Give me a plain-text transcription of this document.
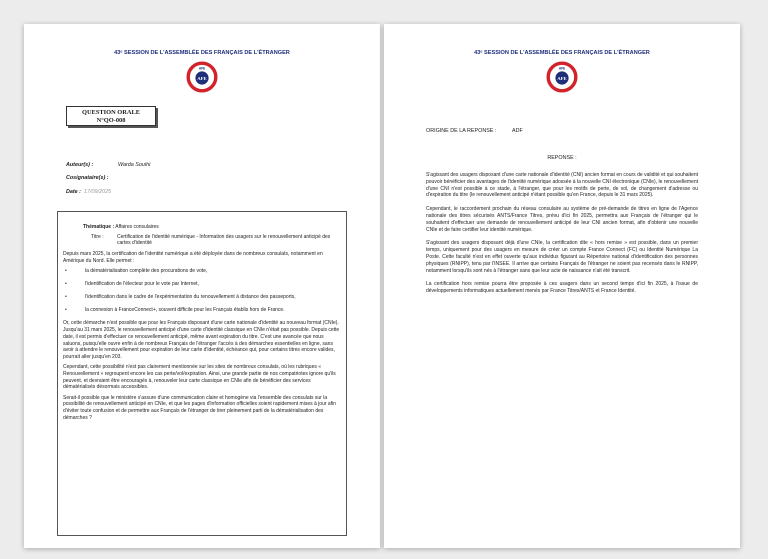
43ᵉ SESSION DE L'ASSEMBLÉE DES FRANÇAIS DE L'ÉTRANGER
AFE
AFE
QUESTION ORALE
N°QO-008
Auteur(s) :	Warda Souihi
Cosignataire(s) :
Date : 17/09/2025
Thématique : Affaires consulaires
Titre :	Certification de l'identité numérique - Information des usagers sur le renouvellement anticipé des cartes d'identité

Depuis mars 2025, la certification de l'identité numérique a été déployée dans de nombreux consulats, notamment en Amérique du Nord. Elle permet :

• la dématérialisation complète des procurations de vote,
• l'identification de l'électeur pour le vote par Internet,
• l'identification dans le cadre de l'expérimentation du renouvellement à distance des passeports,
• la connexion à FranceConnect+, souvent difficile pour les Français établis hors de France.

Or, cette démarche n'est possible que pour les Français disposant d'une carte nationale d'identité au nouveau format (CNIe). Jusqu'au 31 mars 2025, le renouvellement anticipé d'une carte d'identité classique en CNIe n'était pas possible. Depuis cette date, il est permis d'effectuer ce renouvellement anticipé, même avant expiration du titre. C'est une avancée que nous saluons, puisqu'elle ouvre enfin à de nombreux Français de l'étranger l'accès à des démarches essentielles en ligne, sans avoir à attendre le renouvellement pour expiration de leur carte d'identité, échéance qui, pour certains titres encore valides, pourrait aller jusqu'en 203.

Cependant, cette possibilité n'est pas clairement mentionnée sur les sites de nombreux consulats, où les rubriques « Renouvellement » regroupent encore les cas perte/vol/expiration. Ainsi, une grande partie de nos compatriotes ignore qu'ils peuvent, et devraient être encouragés à, renouveler leur carte classique en CNIe afin de bénéficier des services dématérialisés désormais accessibles.

Serait-il possible que le ministère s'assure d'une communication claire et homogène via l'ensemble des consulats sur la possibilité de renouvellement anticipé en CNIe, et que les pages d'information officielles soient rapidement mises à jour afin d'éviter toute confusion et de permettre aux Français de l'étranger de tirer pleinement parti de la dématérialisation des démarches ?

43ᵉ SESSION DE L'ASSEMBLÉE DES FRANÇAIS DE L'ÉTRANGER
AFE
AFE
ORIGINE DE LA REPONSE :	ADF
REPONSE :

S'agissant des usagers disposant d'une carte nationale d'identité (CNI) ancien format en cours de validité et qui souhaitent pouvoir bénéficier des avantages de l'identité numérique adossée à la nouvelle CNI électronique (CNIe), le renouvellement d'une CNI n'est possible à ce stade, à l'étranger, que pour les motifs de perte, de vol, de changement d'adresse ou d'expiration du titre (le renouvellement anticipé n'étant possible qu'en France, depuis le 31 mars 2025).

Cependant, le raccordement prochain du réseau consulaire au système de pré-demande de titres en ligne de l'Agence nationale des titres sécurisés ANTS/France Titres, prévu d'ici fin 2025, permettra aux Français de l'étranger qui le souhaitent d'effectuer une demande de renouvellement anticipé de leur CNI ancien format, afin d'obtenir une nouvelle CNIe et de faire certifier leur identité numérique.

S'agissant des usagers disposant déjà d'une CNIe, la certification dite « hors remise » est possible, dans un premier temps, uniquement pour des usagers en mesure de créer un compte France Connect (FC) ou Identité Numérique La Poste. Cette faculté n'est en effet ouverte qu'aux individus figurant au Répertoire national d'identification des personnes physiques (RNIPP), tenu par l'INSEE. Il arrive que certains Français de l'étranger ne soient pas recensés dans le RNIPP, notamment lorsqu'ils sont nés à l'étranger sans que leur acte de naissance n'ait été transcrit.

La certification hors remise pourra être proposée à ces usagers dans un second temps d'ici fin 2025, à l'issue de développements informatiques actuellement menés par France Titres/ANTS et France Identité.
